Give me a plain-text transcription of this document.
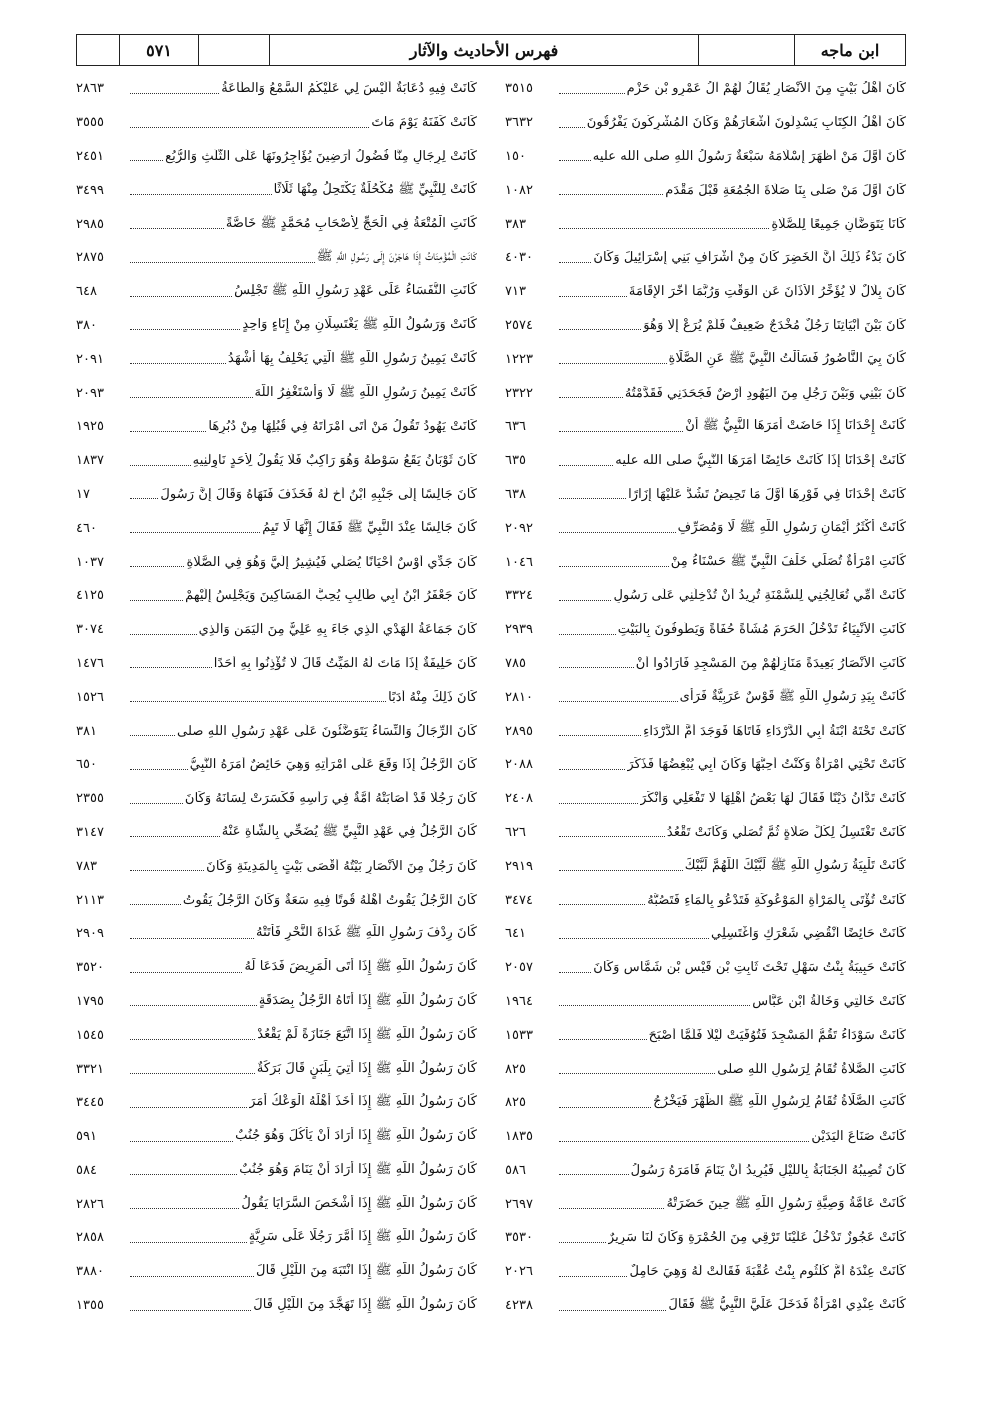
ابن ماجه
فهرس الأحاديث والآثار
٥٧١
كَانَ أَهْلُ بَيْتٍ مِنَ الأَنْصَارِ يُقَالُ لَهُمْ آلُ عَمْرِو بْنِ حَزْمٍ
٣٥١٥
كَانَ أَهْلُ الْكِتَابِ يَسْدِلُونَ أَشْعَارَهُمْ وَكَانَ الْمُشْرِكُونَ يَفْرُقُونَ
٣٦٣٢
كَانَ أَوَّلَ مَنْ أَظْهَرَ إِسْلَامَهُ سَبْعَةٌ رَسُولُ اللَّهِ صلى الله عليه
١٥٠
كَانَ أَوَّلَ مَنْ صَلَّى بِنَا صَلَاةَ الْجُمُعَةِ قَبْلَ مَقْدَمِ
١٠٨٢
كَانَا يَتَوَضَّآنِ جَمِيعًا لِلصَّلَاةِ
٣٨٣
كَانَ بَدْءُ ذَلِكَ أَنَّ الْخَضِرَ كَانَ مِنْ أَشْرَافِ بَنِي إِسْرَائِيلَ وَكَانَ
٤٠٣٠
كَانَ بِلَالٌ لَا يُؤَخِّرُ الأَذَانَ عَنِ الْوَقْتِ وَرُبَّمَا أَخَّرَ الإِقَامَةَ
٧١٣
كَانَ بَيْنَ أَبْيَاتِنَا رَجُلٌ مُخْدَجٌ ضَعِيفٌ فَلَمْ يُرَعْ إِلَّا وَهُوَ
٢٥٧٤
كَانَ بِيَ النَّاصُورُ فَسَأَلْتُ النَّبِيَّ ﷺ عَنِ الصَّلَاةِ
١٢٢٣
كَانَ بَيْنِي وَبَيْنَ رَجُلٍ مِنَ الْيَهُودِ أَرْضٌ فَجَحَدَنِي فَقَدَّمْتُهُ
٢٣٢٢
كَانَتْ إِحْدَانَا إِذَا حَاضَتْ أَمَرَهَا النَّبِيُّ ﷺ أَنْ
٦٣٦
كَانَتْ إِحْدَانَا إِذَا كَانَتْ حَائِضًا أَمَرَهَا النَّبِيُّ صلى الله عليه
٦٣٥
كَانَتْ إِحْدَانَا فِي فَوْرِهَا أَوَّلَ مَا تَحِيضُ تَشُدُّ عَلَيْهَا إِزَارًا
٦٣٨
كَانَتْ أَكْثَرُ أَيْمَانِ رَسُولِ اللَّهِ ﷺ لَا وَمُصَرِّفِ
٢٠٩٢
كَانَتِ امْرَأَةٌ تُصَلِّي خَلْفَ النَّبِيِّ ﷺ حَسْنَاءُ مِنْ
١٠٤٦
كَانَتْ أُمِّي تُعَالِجُنِي لِلسُّمْنَةِ تُرِيدُ أَنْ تُدْخِلَنِي عَلَى رَسُولِ
٣٣٢٤
كَانَتِ الأَنْبِيَاءُ تَدْخُلُ الْحَرَمَ مُشَاةً حُفَاةً وَيَطُوفُونَ بِالْبَيْتِ
٢٩٣٩
كَانَتِ الأَنْصَارُ بَعِيدَةً مَنَازِلُهُمْ مِنَ الْمَسْجِدِ فَأَرَادُوا أَنْ
٧٨٥
كَانَتْ بِيَدِ رَسُولِ اللَّهِ ﷺ قَوْسٌ عَرَبِيَّةٌ فَرَأَى
٢٨١٠
كَانَتْ تَحْتَهُ ابْنَةُ أَبِي الدَّرْدَاءِ فَأَتَاهَا فَوَجَدَ أُمَّ الدَّرْدَاءِ
٢٨٩٥
كَانَتْ تَحْتِي امْرَأَةٌ وَكُنْتُ أُحِبُّهَا وَكَانَ أَبِي يُبْغِضُهَا فَذَكَرَ
٢٠٨٨
كَانَتْ تَدَّانُ دَيْنًا فَقَالَ لَهَا بَعْضُ أَهْلِهَا لَا تَفْعَلِي وَأَنْكَرَ
٢٤٠٨
كَانَتْ تَغْتَسِلُ لِكُلِّ صَلَاةٍ ثُمَّ تُصَلِّي وَكَانَتْ تَقْعُدُ
٦٢٦
كَانَتْ تَلْبِيَةُ رَسُولِ اللَّهِ ﷺ لَبَّيْكَ اللَّهُمَّ لَبَّيْكَ
٢٩١٩
كَانَتْ تُؤْتَى بِالْمَرْأَةِ الْمَوْعُوكَةِ فَتَدْعُو بِالْمَاءِ فَتَصُبُّهُ
٣٤٧٤
كَانَتْ حَائِضًا اُنْقُضِي شَعْرَكِ وَاغْتَسِلِي
٦٤١
كَانَتْ حَبِيبَةُ بِنْتُ سَهْلٍ تَحْتَ ثَابِتِ بْنِ قَيْسِ بْنِ شَمَّاسٍ وَكَانَ
٢٠٥٧
كَانَتْ خَالَتِي وَخَالَةُ ابْنِ عَبَّاسٍ
١٩٦٤
كَانَتْ سَوْدَاءُ تَقُمُّ الْمَسْجِدَ فَتُوُفِّيَتْ لَيْلًا فَلَمَّا أَصْبَحَ
١٥٣٣
كَانَتِ الصَّلَاةُ تُقَامُ لِرَسُولِ اللَّهِ صلى
٨٢٥
كَانَتِ الصَّلَاةُ تُقَامُ لِرَسُولِ اللَّهِ ﷺ الظُّهْرَ فَيَخْرُجُ
٨٢٥
كَانَتْ صَنَاعَ الْيَدَيْنِ
١٨٣٥
كَانَ تُصِيبُهُ الْجَنَابَةُ بِاللَّيْلِ فَيُرِيدُ أَنْ يَنَامَ فَأَمَرَهُ رَسُولُ
٥٨٦
كَانَتْ عَامَّةُ وَصِيَّةِ رَسُولِ اللَّهِ ﷺ حِينَ حَضَرَتْهُ
٢٦٩٧
كَانَتْ عَجُوزٌ تَدْخُلُ عَلَيْنَا تَرْقِي مِنَ الْحُمْرَةِ وَكَانَ لَنَا سَرِيرٌ
٣٥٣٠
كَانَتْ عِنْدَهُ أُمُّ كُلْثُومٍ بِنْتُ عُقْبَةَ فَقَالَتْ لَهُ وَهِيَ حَامِلٌ
٢٠٢٦
كَانَتْ عِنْدِي امْرَأَةٌ فَدَخَلَ عَلَيَّ النَّبِيُّ ﷺ فَقَالَ
٤٢٣٨
كَانَتْ فِيهِ دُعَابَةٌ أَلَيْسَ لِي عَلَيْكُمُ السَّمْعُ وَالطَّاعَةُ
٢٨٦٣
كَانَتْ كَفَنَهُ يَوْمَ مَاتَ
٣٥٥٥
كَانَتْ لِرِجَالٍ مِنَّا فُضُولُ أَرَضِينَ يُؤَاجِرُونَهَا عَلَى الثُّلُثِ وَالرُّبُعِ
٢٤٥١
كَانَتْ لِلنَّبِيِّ ﷺ مُكْحُلَةٌ يَكْتَحِلُ مِنْهَا ثَلَاثًا
٣٤٩٩
كَانَتِ الْمُتْعَةُ فِي الْحَجِّ لِأَصْحَابِ مُحَمَّدٍ ﷺ خَاصَّةً
٢٩٨٥
كَانَتِ الْمُؤْمِنَاتُ إِذَا هَاجَرْنَ إِلَى رَسُولِ اللَّهِ ﷺ
٢٨٧٥
كَانَتِ النُّفَسَاءُ عَلَى عَهْدِ رَسُولِ اللَّهِ ﷺ تَجْلِسُ
٦٤٨
كَانَتْ وَرَسُولُ اللَّهِ ﷺ يَغْتَسِلَانِ مِنْ إِنَاءٍ وَاحِدٍ
٣٨٠
كَانَتْ يَمِينُ رَسُولِ اللَّهِ ﷺ الَّتِي يَحْلِفُ بِهَا أَشْهَدُ
٢٠٩١
كَانَتْ يَمِينُ رَسُولِ اللَّهِ ﷺ لَا وَأَسْتَغْفِرُ اللَّهَ
٢٠٩٣
كَانَتْ يَهُودُ تَقُولُ مَنْ أَتَى امْرَأَتَهُ فِي قُبُلِهَا مِنْ دُبُرِهَا
١٩٢٥
كَانَ ثَوْبَانُ يَقَعُ سَوْطُهُ وَهُوَ رَاكِبٌ فَلَا يَقُولُ لِأَحَدٍ نَاوِلْنِيهِ
١٨٣٧
كَانَ جَالِسًا إِلَى جَنْبِهِ ابْنُ أَخٍ لَهُ فَخَذَفَ فَنَهَاهُ وَقَالَ إِنَّ رَسُولَ
١٧
كَانَ جَالِسًا عِنْدَ النَّبِيِّ ﷺ فَقَالَ إِنَّهَا لَا تَيِمُ
٤٦٠
كَانَ جَدِّي أَوْسٌ أَحْيَانًا يُصَلِّي فَيُشِيرُ إِلَيَّ وَهُوَ فِي الصَّلَاةِ
١٠٣٧
كَانَ جَعْفَرُ ابْنُ أَبِي طَالِبٍ يُحِبُّ الْمَسَاكِينَ وَيَجْلِسُ إِلَيْهِمْ
٤١٢٥
كَانَ جَمَاعَةُ الْهَدْيِ الَّذِي جَاءَ بِهِ عَلِيٌّ مِنَ الْيَمَنِ وَالَّذِي
٣٠٧٤
كَانَ حَلِيفَةٌ إِذَا مَاتَ لَهُ الْمَيِّتُ قَالَ لَا تُؤْذِنُوا بِهِ أَحَدًا
١٤٧٦
كَانَ ذَلِكَ مِنْهُ أَدَبًا
١٥٢٦
كَانَ الرِّجَالُ وَالنِّسَاءُ يَتَوَضَّئُونَ عَلَى عَهْدِ رَسُولِ اللَّهِ صلى
٣٨١
كَانَ الرَّجُلُ إِذَا وَقَعَ عَلَى امْرَأَتِهِ وَهِيَ حَائِضٌ أَمَرَهُ النَّبِيُّ
٦٥٠
كَانَ رَجُلًا قَدْ أَصَابَتْهُ آمَّةٌ فِي رَأْسِهِ فَكَسَرَتْ لِسَانَهُ وَكَانَ
٢٣٥٥
كَانَ الرَّجُلُ فِي عَهْدِ النَّبِيِّ ﷺ يُضَحِّي بِالشَّاةِ عَنْهُ
٣١٤٧
كَانَ رَجُلٌ مِنَ الأَنْصَارِ بَيْتُهُ أَقْصَى بَيْتٍ بِالْمَدِينَةِ وَكَانَ
٧٨٣
كَانَ الرَّجُلُ يَقُوتُ أَهْلَهُ قُوتًا فِيهِ سَعَةٌ وَكَانَ الرَّجُلُ يَقُوتُ
٢١١٣
كَانَ رِدْفَ رَسُولِ اللَّهِ ﷺ غَدَاةَ النَّحْرِ فَأَتَتْهُ
٢٩٠٩
كَانَ رَسُولُ اللَّهِ ﷺ إِذَا أَتَى الْمَرِيضَ فَدَعَا لَهُ
٣٥٢٠
كَانَ رَسُولُ اللَّهِ ﷺ إِذَا أَتَاهُ الرَّجُلُ بِصَدَقَةٍ
١٧٩٥
كَانَ رَسُولُ اللَّهِ ﷺ إِذَا اتَّبَعَ جَنَازَةً لَمْ يَقْعُدْ
١٥٤٥
كَانَ رَسُولُ اللَّهِ ﷺ إِذَا أُتِيَ بِلَبَنٍ قَالَ بَرَكَةٌ
٣٣٢١
كَانَ رَسُولُ اللَّهِ ﷺ إِذَا أَخَذَ أَهْلَهُ الْوَعْكُ أَمَرَ
٣٤٤٥
كَانَ رَسُولُ اللَّهِ ﷺ إِذَا أَرَادَ أَنْ يَأْكُلَ وَهُوَ جُنُبٌ
٥٩١
كَانَ رَسُولُ اللَّهِ ﷺ إِذَا أَرَادَ أَنْ يَنَامَ وَهُوَ جُنُبٌ
٥٨٤
كَانَ رَسُولُ اللَّهِ ﷺ إِذَا أَشْخَصَ السَّرَايَا يَقُولُ
٢٨٢٦
كَانَ رَسُولُ اللَّهِ ﷺ إِذَا أَمَّرَ رَجُلًا عَلَى سَرِيَّةٍ
٢٨٥٨
كَانَ رَسُولُ اللَّهِ ﷺ إِذَا انْتَبَهَ مِنَ اللَّيْلِ قَالَ
٣٨٨٠
كَانَ رَسُولُ اللَّهِ ﷺ إِذَا تَهَجَّدَ مِنَ اللَّيْلِ قَالَ
١٣٥٥
